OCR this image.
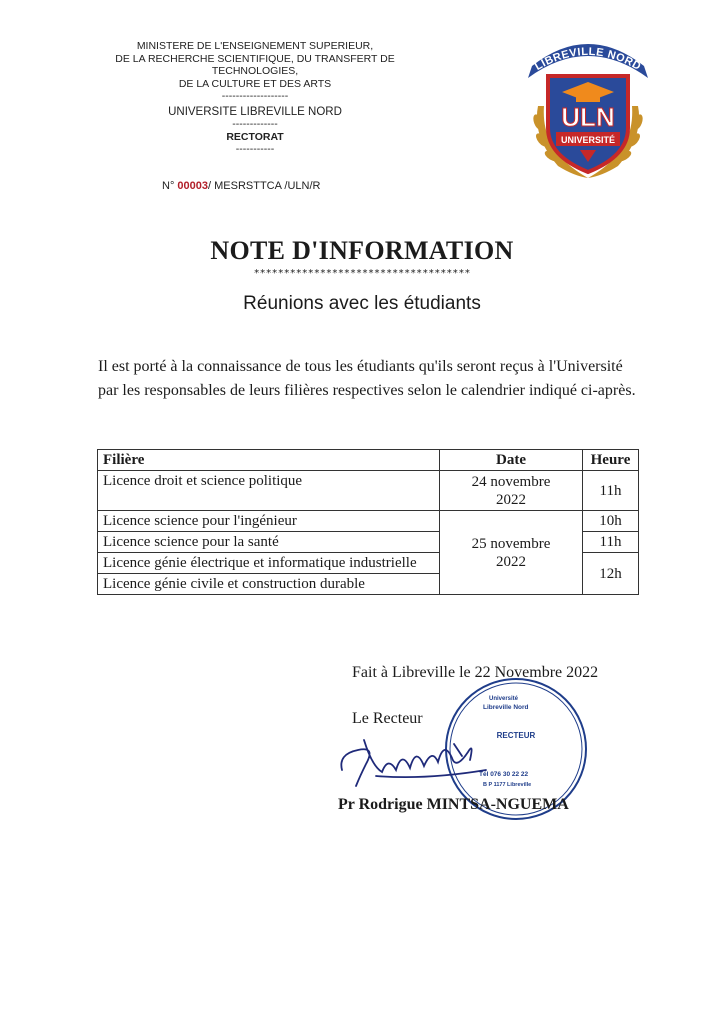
MINISTERE DE L'ENSEIGNEMENT SUPERIEUR,
DE LA RECHERCHE SCIENTIFIQUE, DU TRANSFERT DE
TECHNOLOGIES,
DE LA CULTURE ET DES ARTS
-------------------
UNIVERSITE LIBREVILLE NORD
-------------
RECTORAT
-----------
N° 00003/ MESRSTTCA /ULN/R
LIBREVILLE NORD
ULN
UNIVERSITÉ
NOTE D'INFORMATION
************************************
Réunions avec les étudiants
Il est porté à la connaissance de tous les étudiants qu'ils seront reçus à l'Université par les responsables de leurs filières respectives selon le calendrier indiqué ci-après.
Filière	Date	Heure
Licence droit et science politique	24 novembre 2022	11h
Licence science pour l'ingénieur	25 novembre 2022	10h
Licence science pour la santé		11h
Licence génie électrique et informatique industrielle		12h
Licence génie civile et construction durable		
Fait à Libreville le 22 Novembre 2022
Le Recteur
Université
Libreville Nord
RECTEUR
Tél 076 30 22 22
B P 1177 Libreville
Pr Rodrigue MINTSA-NGUEMA
